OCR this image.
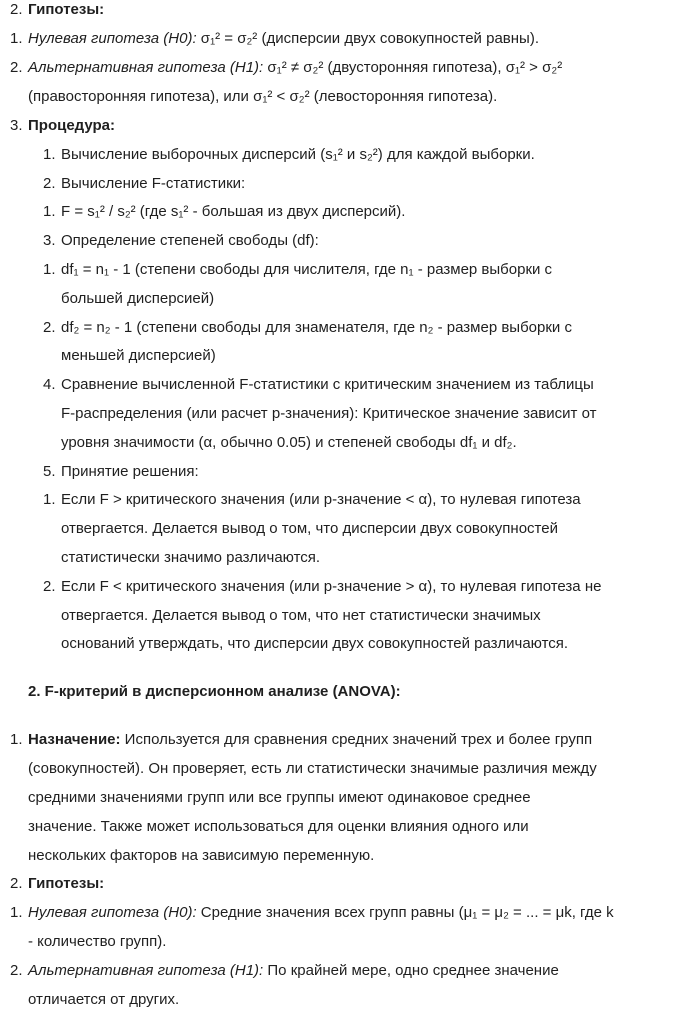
2. Гипотезы:
1. Нулевая гипотеза (H0): σ₁² = σ₂² (дисперсии двух совокупностей равны).
2. Альтернативная гипотеза (H1): σ₁² ≠ σ₂² (двусторонняя гипотеза), σ₁² > σ₂²
(правосторонняя гипотеза), или σ₁² < σ₂² (левосторонняя гипотеза).
3. Процедура:
1. Вычисление выборочных дисперсий (s₁² и s₂²) для каждой выборки.
2. Вычисление F-статистики:
1. F = s₁² / s₂² (где s₁² - большая из двух дисперсий).
3. Определение степеней свободы (df):
1. df₁ = n₁ - 1 (степени свободы для числителя, где n₁ - размер выборки с
большей дисперсией)
2. df₂ = n₂ - 1 (степени свободы для знаменателя, где n₂ - размер выборки с
меньшей дисперсией)
4. Сравнение вычисленной F-статистики с критическим значением из таблицы
F-распределения (или расчет p-значения): Критическое значение зависит от
уровня значимости (α, обычно 0.05) и степеней свободы df₁ и df₂.
5. Принятие решения:
1. Если F > критического значения (или p-значение < α), то нулевая гипотеза
отвергается. Делается вывод о том, что дисперсии двух совокупностей
статистически значимо различаются.
2. Если F < критического значения (или p-значение > α), то нулевая гипотеза не
отвергается. Делается вывод о том, что нет статистически значимых
оснований утверждать, что дисперсии двух совокупностей различаются.
2. F-критерий в дисперсионном анализе (ANOVA):
1. Назначение: Используется для сравнения средних значений трех и более групп
(совокупностей). Он проверяет, есть ли статистически значимые различия между
средними значениями групп или все группы имеют одинаковое среднее
значение. Также может использоваться для оценки влияния одного или
нескольких факторов на зависимую переменную.
2. Гипотезы:
1. Нулевая гипотеза (H0): Средние значения всех групп равны (μ₁ = μ₂ = ... = μk, где k
- количество групп).
2. Альтернативная гипотеза (H1): По крайней мере, одно среднее значение
отличается от других.
